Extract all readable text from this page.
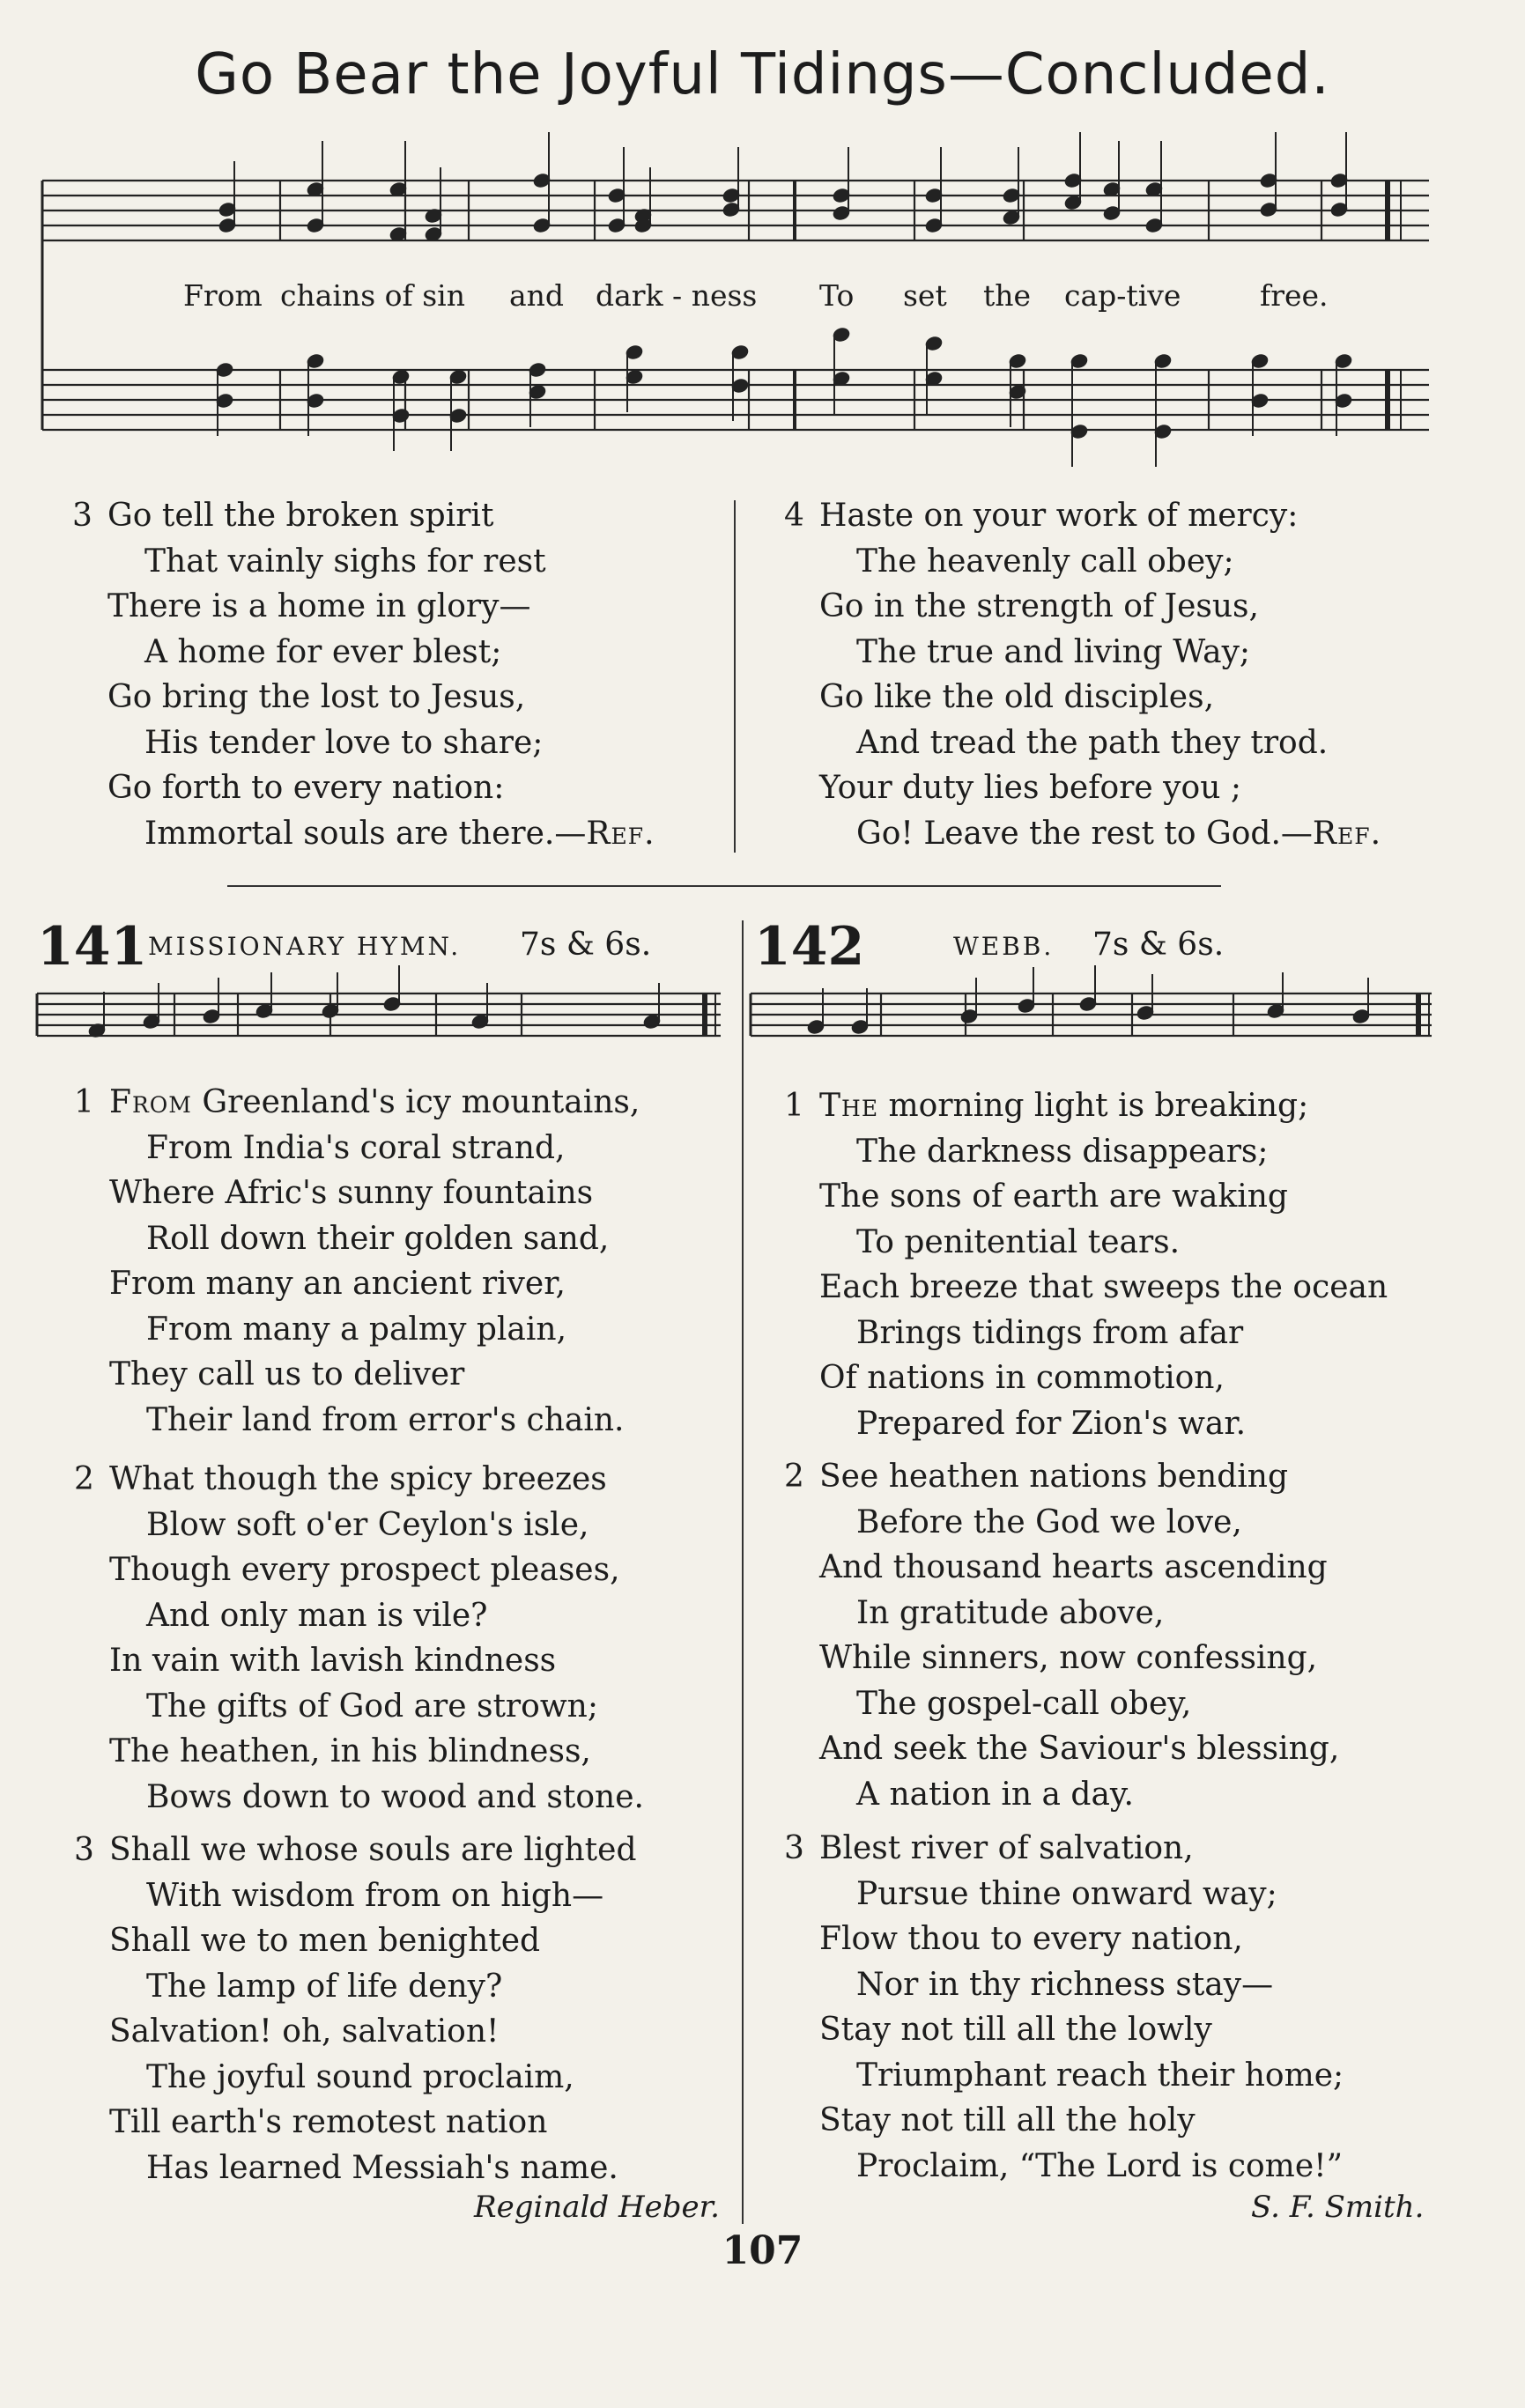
Go Bear the Joyful Tidings—Concluded.
From chains of sin and dark - ness To set the cap-tive	free.
3 Go tell the broken spirit
That vainly sighs for rest
There is a home in glory—
A home for ever blest;
Go bring the lost to Jesus,
His tender love to share;
Go forth to every nation:
Immortal souls are there.—Ref.
4 Haste on your work of mercy:
The heavenly call obey;
Go in the strength of Jesus,
The true and living Way;
Go like the old disciples,
And tread the path they trod.
Your duty lies before you ;
Go! Leave the rest to God.—Ref.
141 MISSIONARY HYMN. 7s & 6s. 142	WEBB. 7s & 6s.
1 From Greenland's icy mountains,
From India's coral strand,
Where Afric's sunny fountains
Roll down their golden sand,
From many an ancient river,
From many a palmy plain,
They call us to deliver
Their land from error's chain.
2 What though the spicy breezes
Blow soft o'er Ceylon's isle,
Though every prospect pleases,
And only man is vile?
In vain with lavish kindness
The gifts of God are strown;
The heathen, in his blindness,
Bows down to wood and stone.
3 Shall we whose souls are lighted
With wisdom from on high—
Shall we to men benighted
The lamp of life deny?
Salvation! oh, salvation!
The joyful sound proclaim,
Till earth's remotest nation
Has learned Messiah's name.
1 The morning light is breaking;
The darkness disappears;
The sons of earth are waking
To penitential tears.
Each breeze that sweeps the ocean
Brings tidings from afar
Of nations in commotion,
Prepared for Zion's war.
2 See heathen nations bending
Before the God we love,
And thousand hearts ascending
In gratitude above,
While sinners, now confessing,
The gospel-call obey,
And seek the Saviour's blessing,
A nation in a day.
3 Blest river of salvation,
Pursue thine onward way;
Flow thou to every nation,
Nor in thy richness stay—
Stay not till all the lowly
Triumphant reach their home;
Stay not till all the holy
Proclaim, “The Lord is come!”
Reginald Heber.	S. F. Smith.
107
